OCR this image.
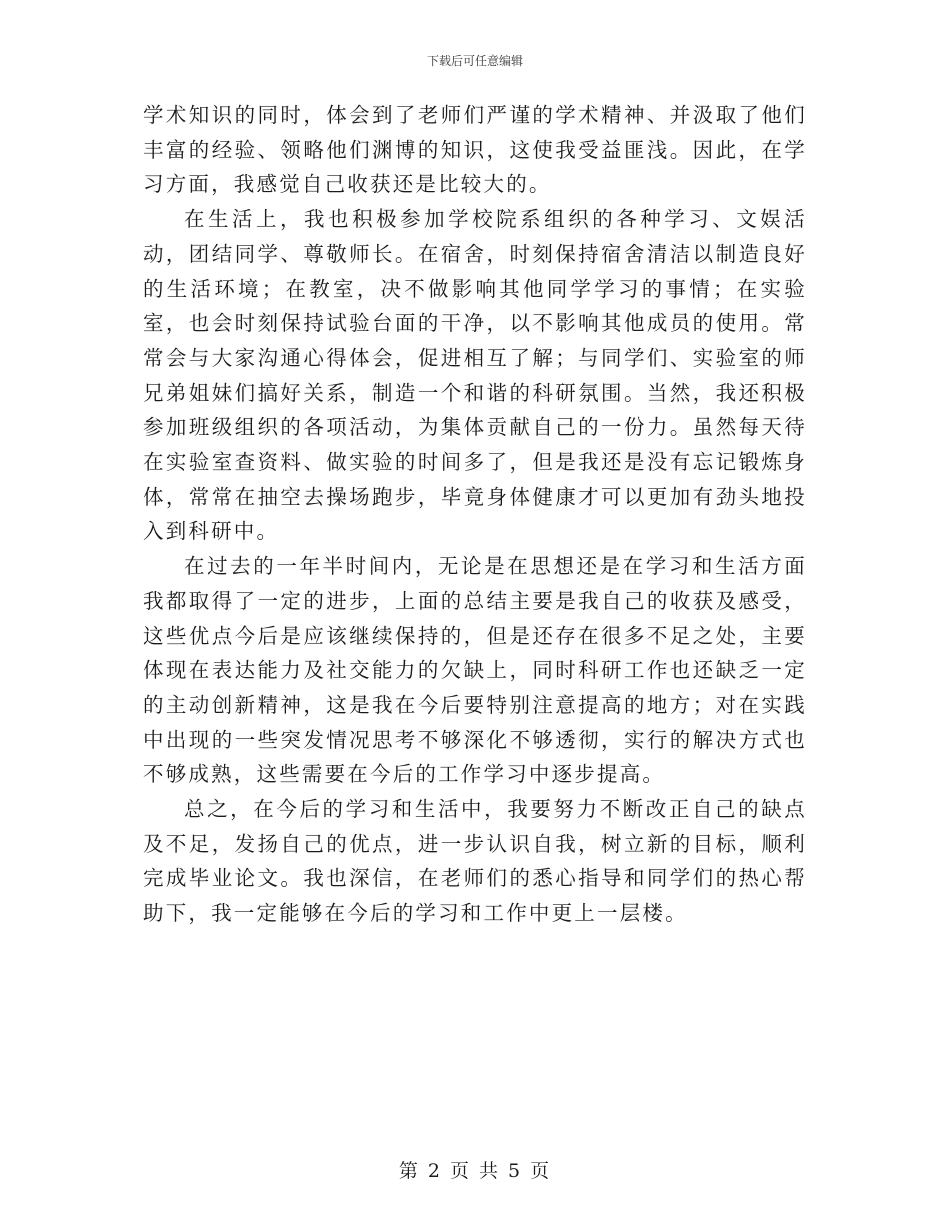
下载后可任意编辑

学术知识的同时，体会到了老师们严谨的学术精神、并汲取了他们丰富的经验、领略他们渊博的知识，这使我受益匪浅。因此，在学习方面，我感觉自己收获还是比较大的。

在生活上，我也积极参加学校院系组织的各种学习、文娱活动，团结同学、尊敬师长。在宿舍，时刻保持宿舍清洁以制造良好的生活环境；在教室，决不做影响其他同学学习的事情；在实验室，也会时刻保持试验台面的干净，以不影响其他成员的使用。常常会与大家沟通心得体会，促进相互了解；与同学们、实验室的师兄弟姐妹们搞好关系，制造一个和谐的科研氛围。当然，我还积极参加班级组织的各项活动，为集体贡献自己的一份力。虽然每天待在实验室查资料、做实验的时间多了，但是我还是没有忘记锻炼身体，常常在抽空去操场跑步，毕竟身体健康才可以更加有劲头地投入到科研中。

在过去的一年半时间内，无论是在思想还是在学习和生活方面我都取得了一定的进步，上面的总结主要是我自己的收获及感受，这些优点今后是应该继续保持的，但是还存在很多不足之处，主要体现在表达能力及社交能力的欠缺上，同时科研工作也还缺乏一定的主动创新精神，这是我在今后要特别注意提高的地方；对在实践中出现的一些突发情况思考不够深化不够透彻，实行的解决方式也不够成熟，这些需要在今后的工作学习中逐步提高。

总之，在今后的学习和生活中，我要努力不断改正自己的缺点及不足，发扬自己的优点，进一步认识自我，树立新的目标，顺利完成毕业论文。我也深信，在老师们的悉心指导和同学们的热心帮助下，我一定能够在今后的学习和工作中更上一层楼。

第 2 页 共 5 页
